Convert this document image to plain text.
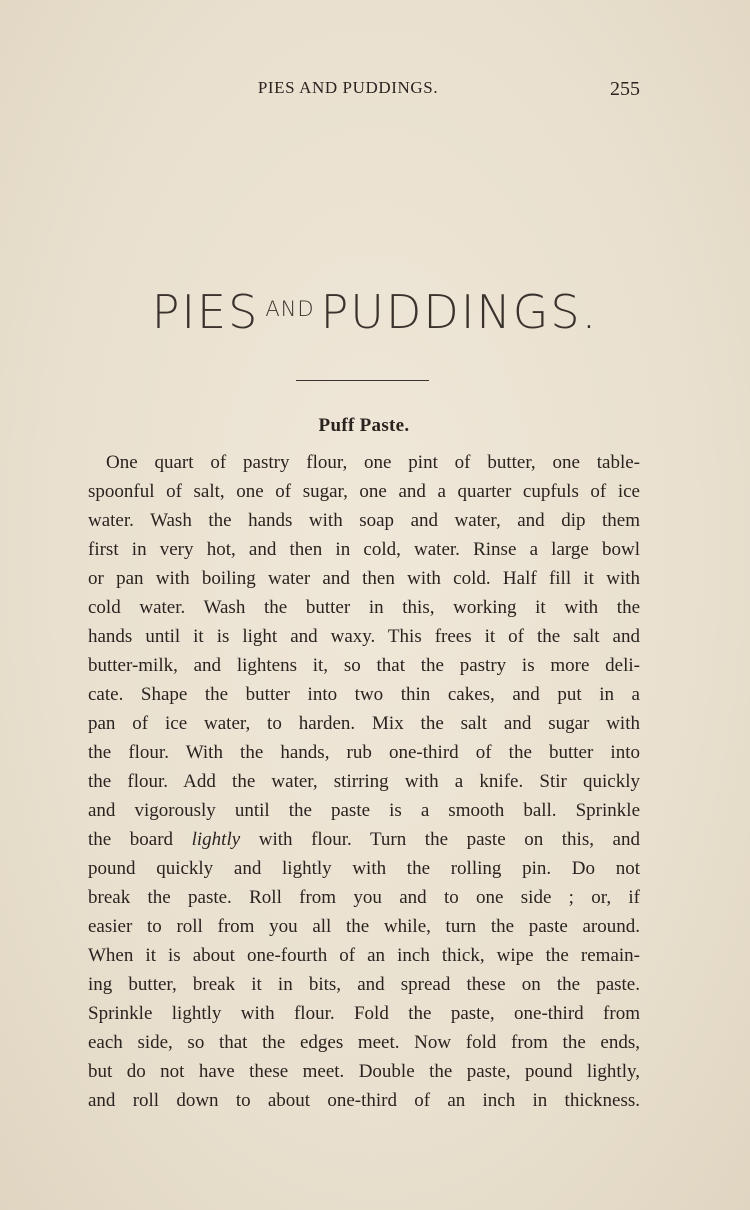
PIES AND PUDDINGS.	255
PIES AND PUDDINGS.
Puff Paste.
One quart of pastry flour, one pint of butter, one table-
spoonful of salt, one of sugar, one and a quarter cupfuls of ice
water. Wash the hands with soap and water, and dip them
first in very hot, and then in cold, water. Rinse a large bowl
or pan with boiling water and then with cold. Half fill it with
cold water. Wash the butter in this, working it with the
hands until it is light and waxy. This frees it of the salt and
butter-milk, and lightens it, so that the pastry is more deli-
cate. Shape the butter into two thin cakes, and put in a
pan of ice water, to harden. Mix the salt and sugar with
the flour. With the hands, rub one-third of the butter into
the flour. Add the water, stirring with a knife. Stir quickly
and vigorously until the paste is a smooth ball. Sprinkle
the board lightly with flour. Turn the paste on this, and
pound quickly and lightly with the rolling pin. Do not
break the paste. Roll from you and to one side ; or, if
easier to roll from you all the while, turn the paste around.
When it is about one-fourth of an inch thick, wipe the remain-
ing butter, break it in bits, and spread these on the paste.
Sprinkle lightly with flour. Fold the paste, one-third from
each side, so that the edges meet. Now fold from the ends,
but do not have these meet. Double the paste, pound lightly,
and roll down to about one-third of an inch in thickness.
